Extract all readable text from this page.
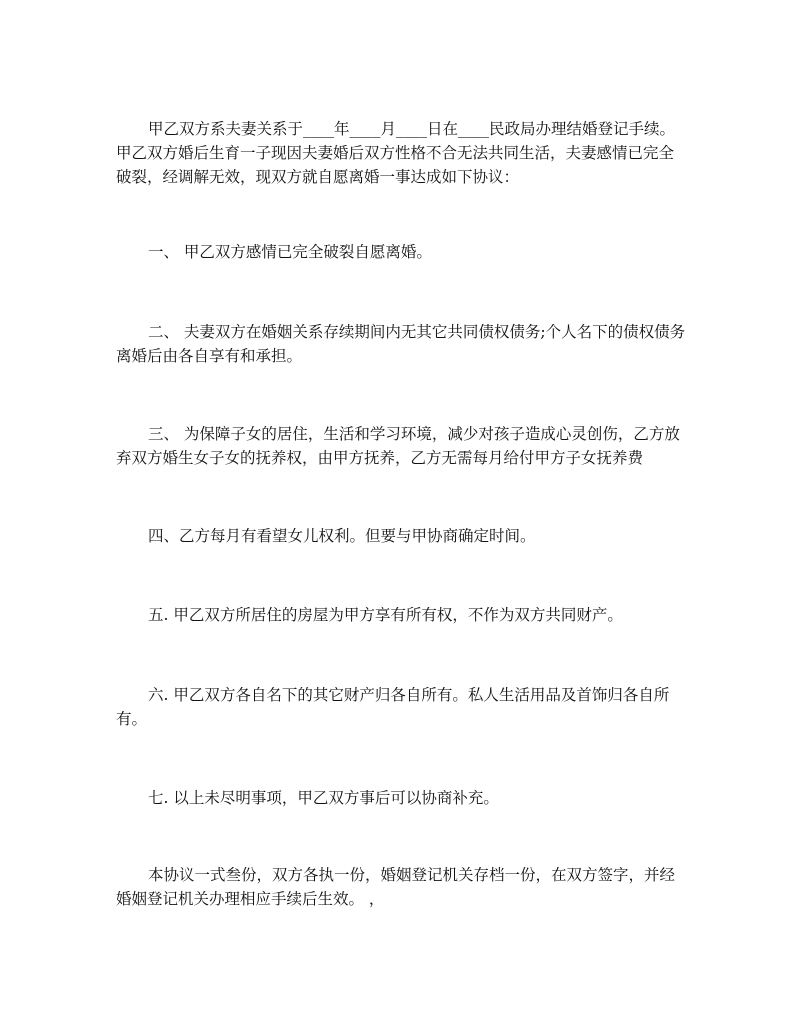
甲乙双方系夫妻关系于____年____月____日在____民政局办理结婚登记手续。甲乙双方婚后生育一子现因夫妻婚后双方性格不合无法共同生活，夫妻感情已完全破裂，经调解无效，现双方就自愿离婚一事达成如下协议：

一、 甲乙双方感情已完全破裂自愿离婚。

二、 夫妻双方在婚姻关系存续期间内无其它共同债权债务;个人名下的债权债务离婚后由各自享有和承担。

三、 为保障子女的居住，生活和学习环境，减少对孩子造成心灵创伤，乙方放弃双方婚生女子女的抚养权，由甲方抚养，乙方无需每月给付甲方子女抚养费

四、乙方每月有看望女儿权利。但要与甲协商确定时间。

五. 甲乙双方所居住的房屋为甲方享有所有权，不作为双方共同财产。

六. 甲乙双方各自名下的其它财产归各自所有。私人生活用品及首饰归各自所有。

七. 以上未尽明事项，甲乙双方事后可以协商补充。

本协议一式叁份，双方各执一份，婚姻登记机关存档一份，在双方签字，并经婚姻登记机关办理相应手续后生效。 ，
